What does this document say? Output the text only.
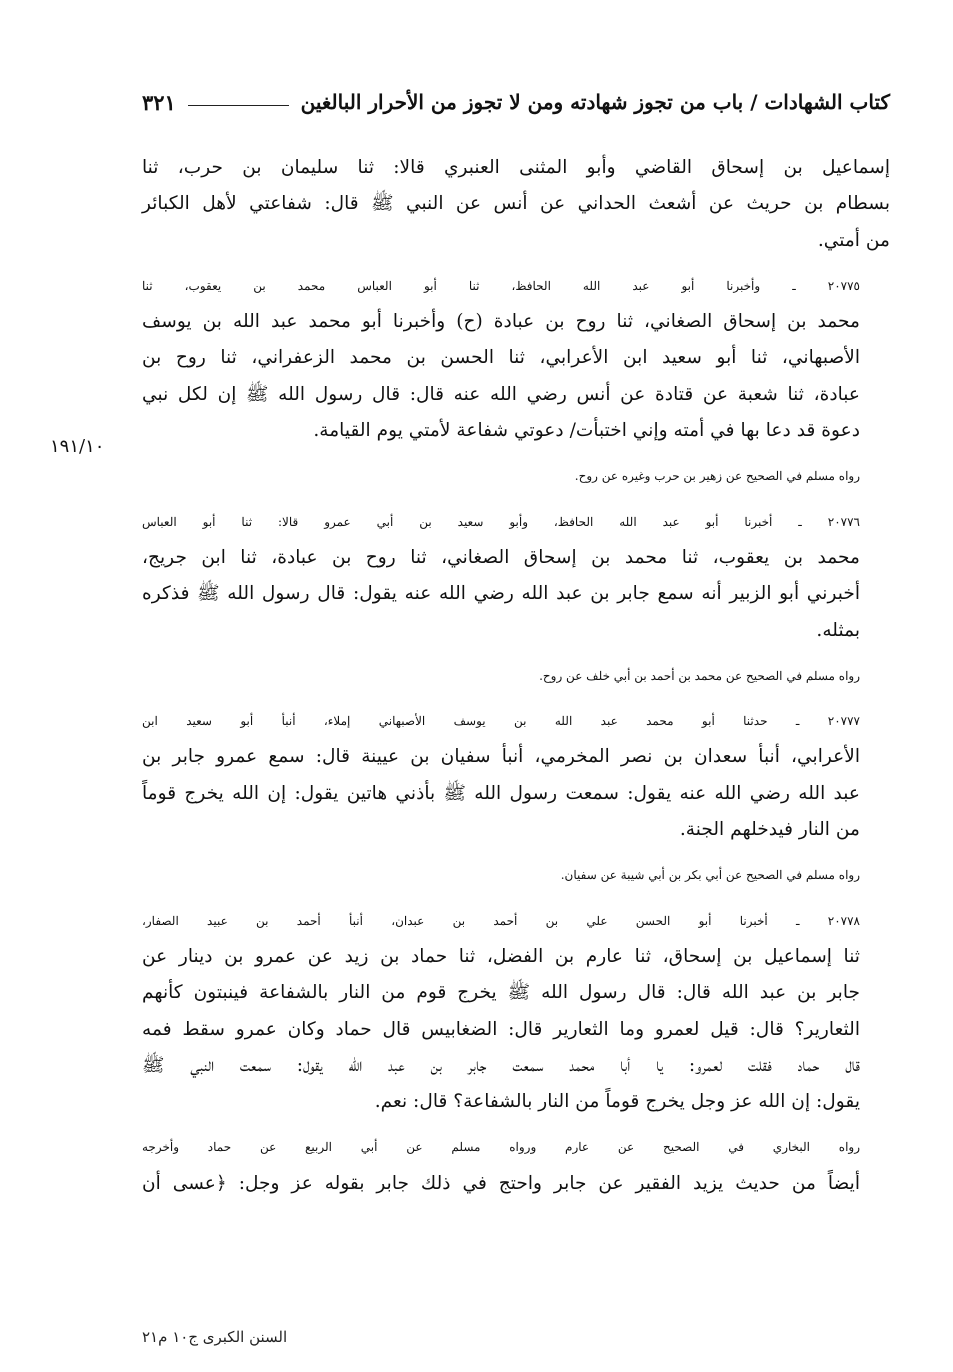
كتاب الشهادات / باب من تجوز شهادته ومن لا تجوز من الأحرار البالغين
٣٢١
١٩١/١٠
إسماعيل بن إسحاق القاضي وأبو المثنى العنبري قالا: ثنا سليمان بن حرب، ثنا
بسطام بن حريث عن أشعث الحداني عن أنس عن النبي ﷺ قال: شفاعتي لأهل الكبائر
من أمتي.
٢٠٧٧٥ ـ وأخبرنا أبو عبد الله الحافظ، ثنا أبو العباس محمد بن يعقوب، ثنا
محمد بن إسحاق الصغاني، ثنا روح بن عبادة (ح) وأخبرنا أبو محمد عبد الله بن يوسف
الأصبهاني، ثنا أبو سعيد ابن الأعرابي، ثنا الحسن بن محمد الزعفراني، ثنا روح بن
عبادة، ثنا شعبة عن قتادة عن أنس رضي الله عنه قال: قال رسول الله ﷺ إن لكل نبي
دعوة قد دعا بها في أمته وإني اختبأت/ دعوتي شفاعة لأمتي يوم القيامة.
رواه مسلم في الصحيح عن زهير بن حرب وغيره عن روح.
٢٠٧٧٦ ـ أخبرنا أبو عبد الله الحافظ، وأبو سعيد بن أبي عمرو قالا: ثنا أبو العباس
محمد بن يعقوب، ثنا محمد بن إسحاق الصغاني، ثنا روح بن عبادة، ثنا ابن جريج،
أخبرني أبو الزبير أنه سمع جابر بن عبد الله رضي الله عنه يقول: قال رسول الله ﷺ فذكره
بمثله.
رواه مسلم في الصحيح عن محمد بن أحمد بن أبي خلف عن روح.
٢٠٧٧٧ ـ حدثنا أبو محمد عبد الله بن يوسف الأصبهاني إملاء، أنبأ أبو سعيد ابن
الأعرابي، أنبأ سعدان بن نصر المخرمي، أنبأ سفيان بن عيينة قال: سمع عمرو جابر بن
عبد الله رضي الله عنه يقول: سمعت رسول الله ﷺ بأذني هاتين يقول: إن الله يخرج قوماً
من النار فيدخلهم الجنة.
رواه مسلم في الصحيح عن أبي بكر بن أبي شيبة عن سفيان.
٢٠٧٧٨ ـ أخبرنا أبو الحسن علي بن أحمد بن عبدان، أنبأ أحمد بن عبيد الصفار،
ثنا إسماعيل بن إسحاق، ثنا عارم بن الفضل، ثنا حماد بن زيد عن عمرو بن دينار عن
جابر بن عبد الله قال: قال رسول الله ﷺ يخرج قوم من النار بالشفاعة فينبتون كأنهم
الثعارير؟ قال: قيل لعمرو وما الثعارير قال: الضغابيس قال حماد وكان عمرو سقط فمه
قال حماد فقلت لعمرو: يا أبا محمد سمعت جابر بن عبد الله يقول: سمعت النبي ﷺ
يقول: إن الله عز وجل يخرج قوماً من النار بالشفاعة؟ قال: نعم.
رواه البخاري في الصحيح عن عارم ورواه مسلم عن أبي الربيع عن حماد وأخرجه
أيضاً من حديث يزيد الفقير عن جابر واحتج في ذلك جابر بقوله عز وجل: ﴿عسى أن
السنن الكبرى ج١٠ م٢١
